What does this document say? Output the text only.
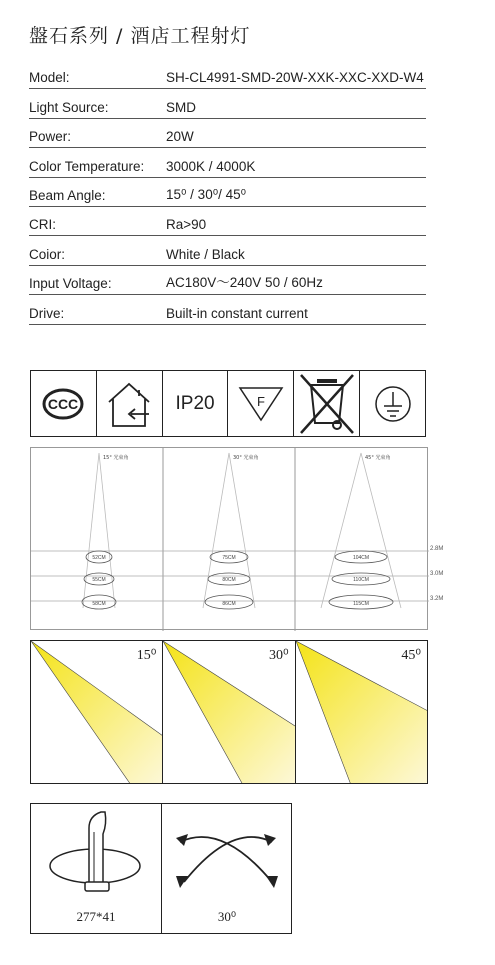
盤石系列 / 酒店工程射灯
Model:	SH-CL4991-SMD-20W-XXK-XXC-XXD-W4
Light Source:	SMD
Power:	20W
Color Temperature:	3000K / 4000K
Beam Angle:	15⁰ / 30⁰/ 45⁰
CRI:	Ra>90
Coior:	White / Black
Input Voltage:	AC180V～240V 50 / 60Hz
Drive:	Built-in constant current
CCC	IP20	F
15° 光束角	30° 光束角	45° 光束角
52CM
55CM
58CM
75CM
80CM
86CM
104CM
110CM
115CM
2.8M
3.0M
3.2M
15⁰	30⁰	45⁰
277*41	30⁰
